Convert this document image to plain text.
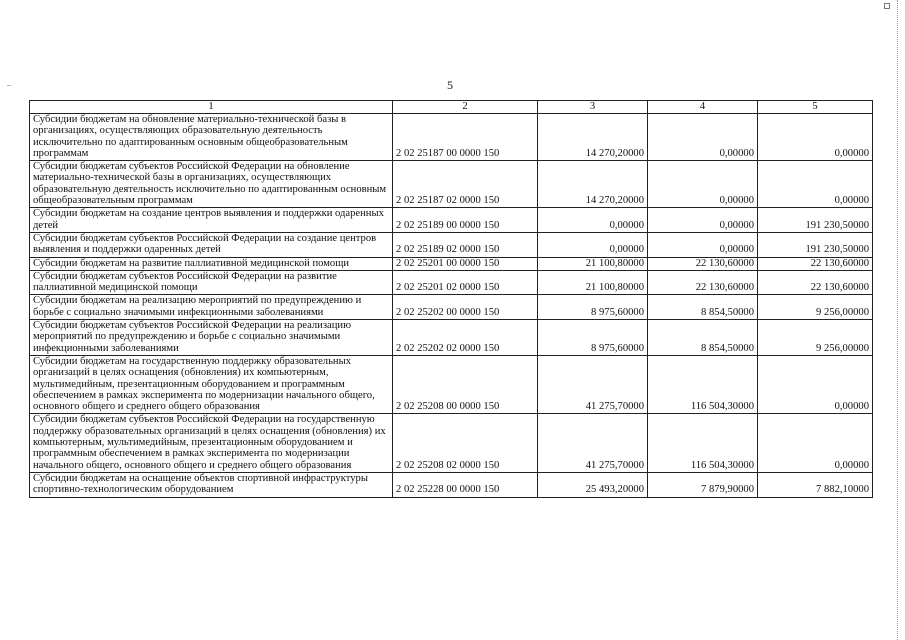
5
1	2	3	4	5
Субсидии бюджетам на обновление материально-технической базы в организациях, осуществляющих образовательную деятельность исключительно по адаптированным основным общеобразовательным программам	2 02 25187 00 0000 150	14 270,20000	0,00000	0,00000
Субсидии бюджетам субъектов Российской Федерации на обновление материально-технической базы в организациях, осуществляющих образовательную деятельность исключительно по адаптированным основным общеобразовательным программам	2 02 25187 02 0000 150	14 270,20000	0,00000	0,00000
Субсидии бюджетам на создание центров выявления и поддержки одаренных детей	2 02 25189 00 0000 150	0,00000	0,00000	191 230,50000
Субсидии бюджетам субъектов Российской Федерации на создание центров выявления и поддержки одаренных детей	2 02 25189 02 0000 150	0,00000	0,00000	191 230,50000
Субсидии бюджетам на развитие паллиативной медицинской помощи	2 02 25201 00 0000 150	21 100,80000	22 130,60000	22 130,60000
Субсидии бюджетам субъектов Российской Федерации на развитие паллиативной медицинской помощи	2 02 25201 02 0000 150	21 100,80000	22 130,60000	22 130,60000
Субсидии бюджетам на реализацию мероприятий по предупреждению и борьбе с социально значимыми инфекционными заболеваниями	2 02 25202 00 0000 150	8 975,60000	8 854,50000	9 256,00000
Субсидии бюджетам субъектов Российской Федерации на реализацию мероприятий по предупреждению и борьбе с социально значимыми инфекционными заболеваниями	2 02 25202 02 0000 150	8 975,60000	8 854,50000	9 256,00000
Субсидии бюджетам на государственную поддержку образовательных организаций в целях оснащения (обновления) их компьютерным, мультимедийным, презентационным оборудованием и программным обеспечением в рамках эксперимента по модернизации начального общего, основного общего и среднего общего образования	2 02 25208 00 0000 150	41 275,70000	116 504,30000	0,00000
Субсидии бюджетам субъектов Российской Федерации на государственную поддержку образовательных организаций в целях оснащения (обновления) их компьютерным, мультимедийным, презентационным оборудованием и программным обеспечением в рамках эксперимента по модернизации начального общего, основного общего и среднего общего образования	2 02 25208 02 0000 150	41 275,70000	116 504,30000	0,00000
Субсидии бюджетам на оснащение объектов спортивной инфраструктуры спортивно-технологическим оборудованием	2 02 25228 00 0000 150	25 493,20000	7 879,90000	7 882,10000
